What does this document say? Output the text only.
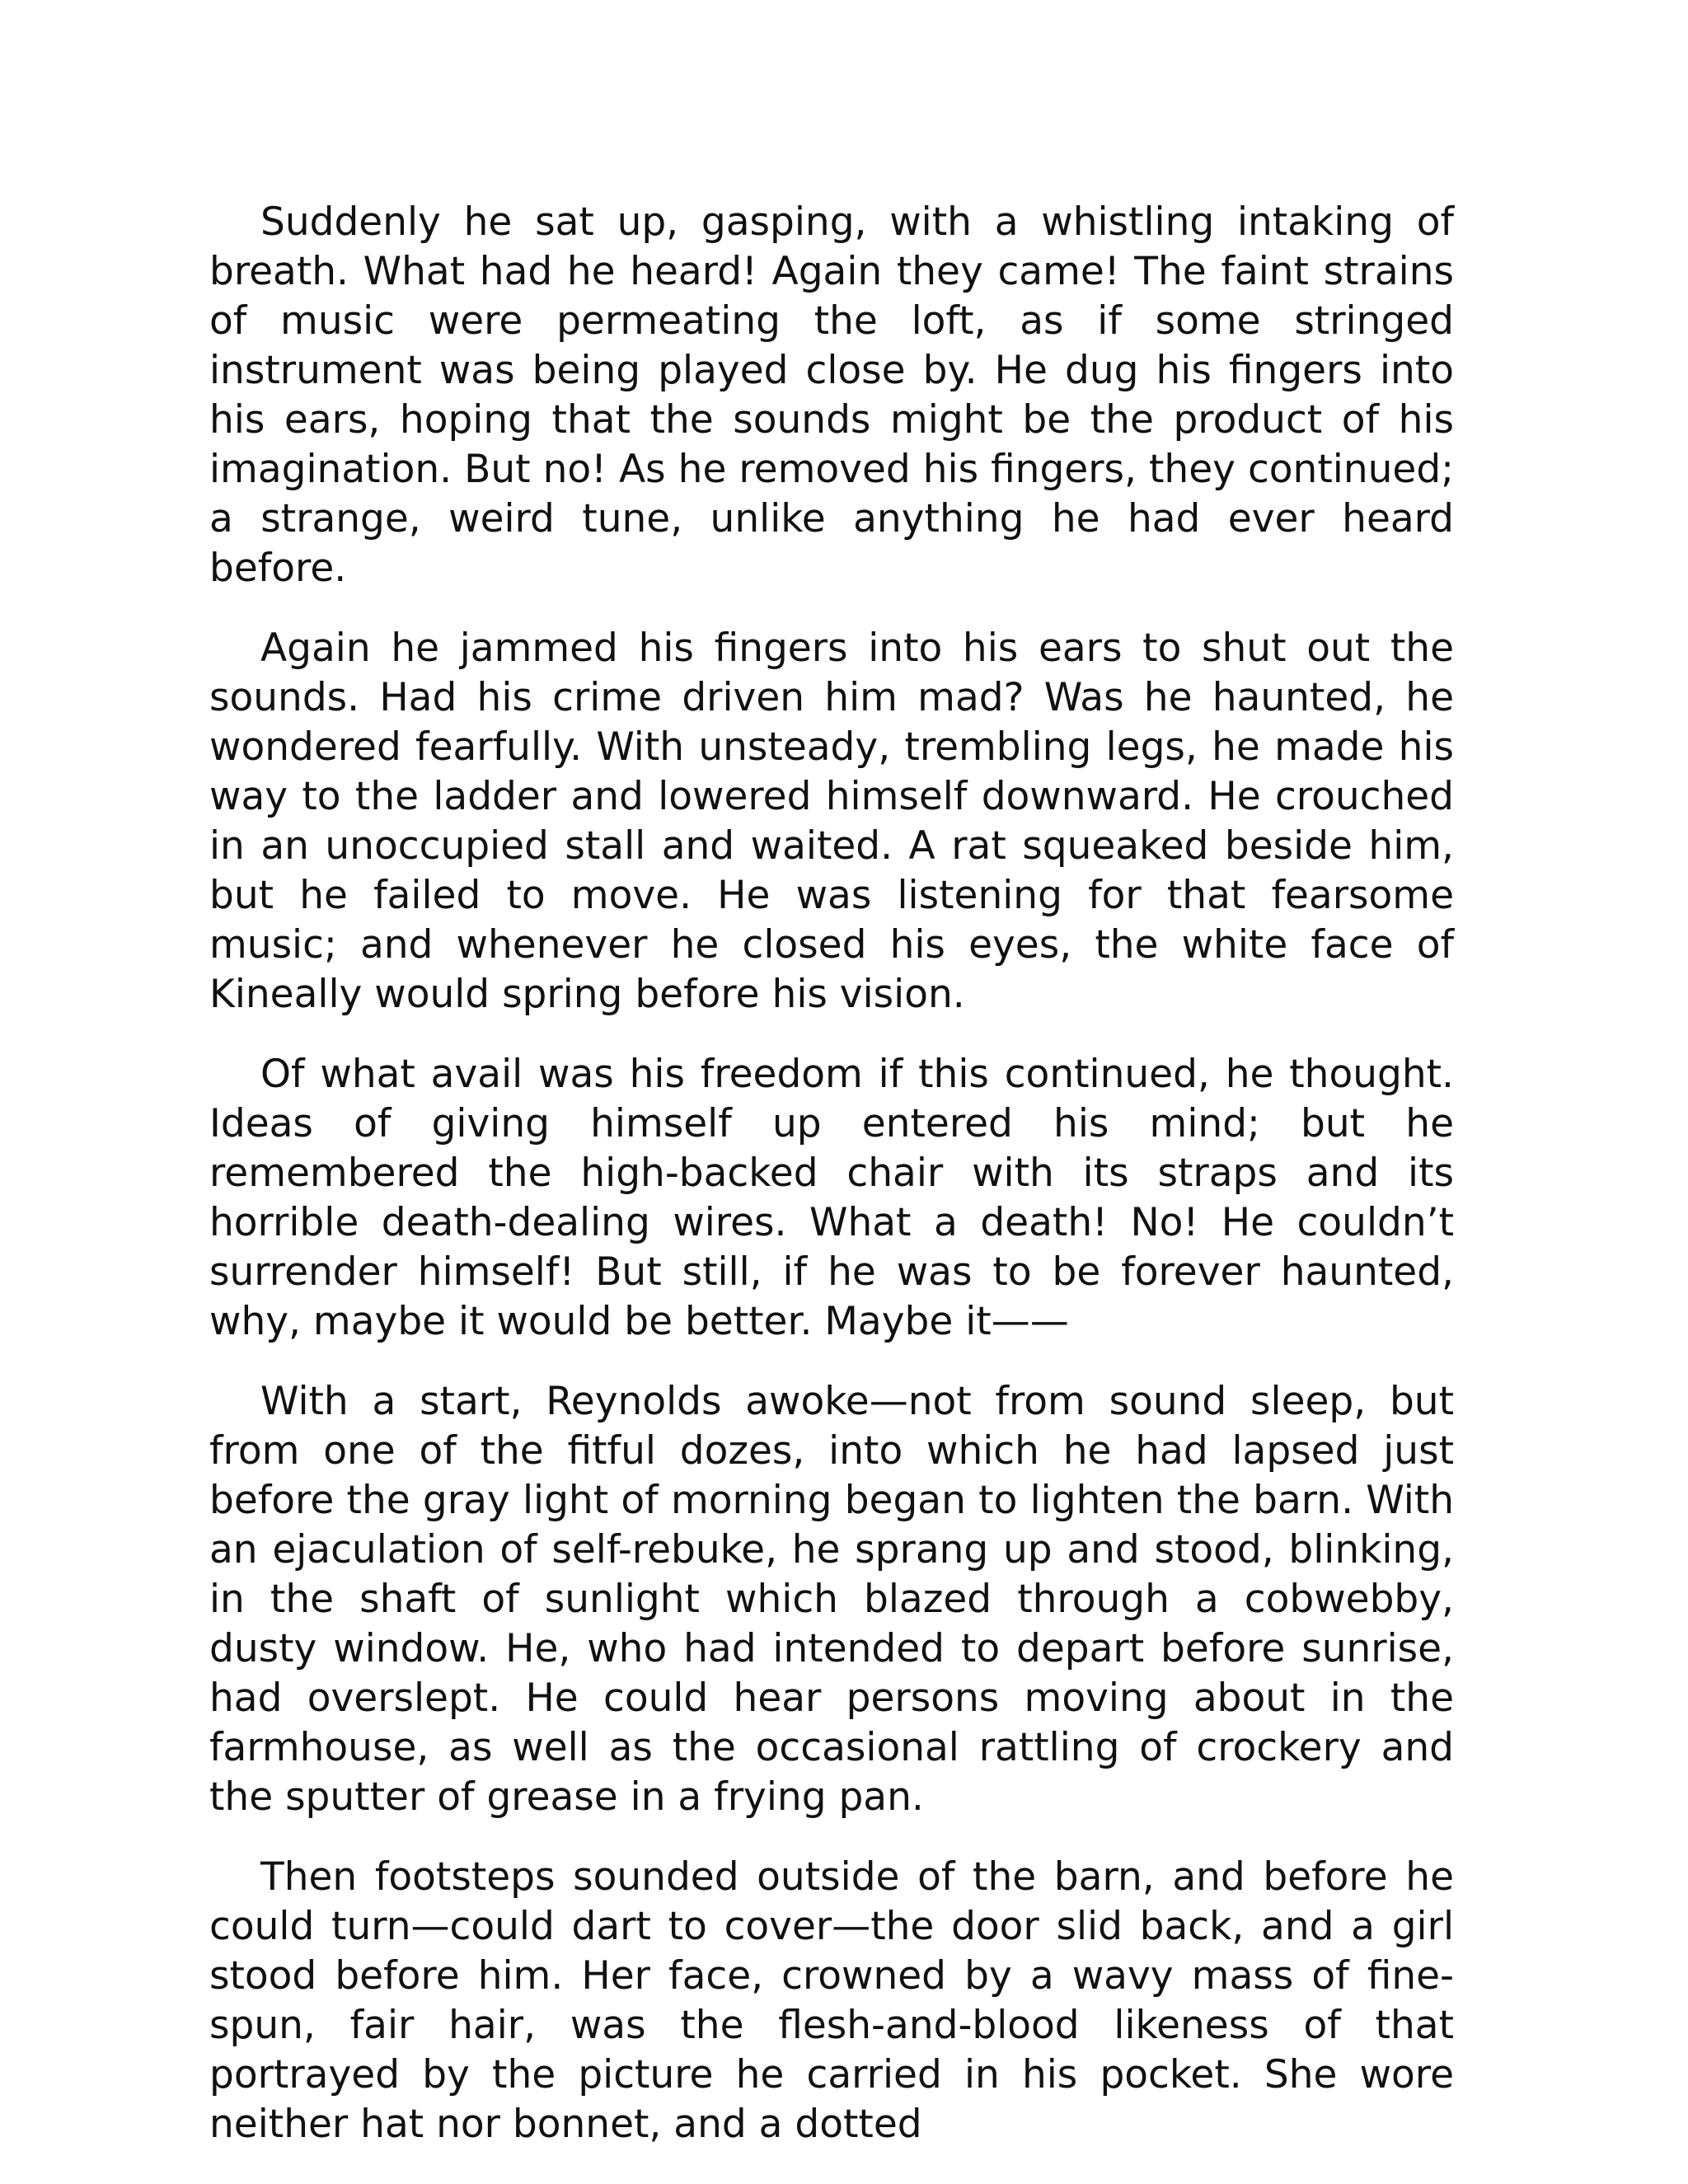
Suddenly he sat up, gasping, with a whistling intaking of breath. What had he heard! Again they came! The faint strains of music were permeating the loft, as if some stringed instrument was being played close by. He dug his fingers into his ears, hoping that the sounds might be the product of his imagination. But no! As he removed his fingers, they continued; a strange, weird tune, unlike anything he had ever heard before.

Again he jammed his fingers into his ears to shut out the sounds. Had his crime driven him mad? Was he haunted, he wondered fearfully. With unsteady, trembling legs, he made his way to the ladder and lowered himself downward. He crouched in an unoccupied stall and waited. A rat squeaked beside him, but he failed to move. He was listening for that fearsome music; and whenever he closed his eyes, the white face of Kineally would spring before his vision.

Of what avail was his freedom if this continued, he thought. Ideas of giving himself up entered his mind; but he remembered the high-backed chair with its straps and its horrible death-dealing wires. What a death! No! He couldn’t surrender himself! But still, if he was to be forever haunted, why, maybe it would be better. Maybe it——

With a start, Reynolds awoke—not from sound sleep, but from one of the fitful dozes, into which he had lapsed just before the gray light of morning began to lighten the barn. With an ejaculation of self-rebuke, he sprang up and stood, blinking, in the shaft of sunlight which blazed through a cobwebby, dusty window. He, who had intended to depart before sunrise, had overslept. He could hear persons moving about in the farmhouse, as well as the occasional rattling of crockery and the sputter of grease in a frying pan.

Then footsteps sounded outside of the barn, and before he could turn—could dart to cover—the door slid back, and a girl stood before him. Her face, crowned by a wavy mass of fine-spun, fair hair, was the flesh-and-blood likeness of that portrayed by the picture he carried in his pocket. She wore neither hat nor bonnet, and a dotted
